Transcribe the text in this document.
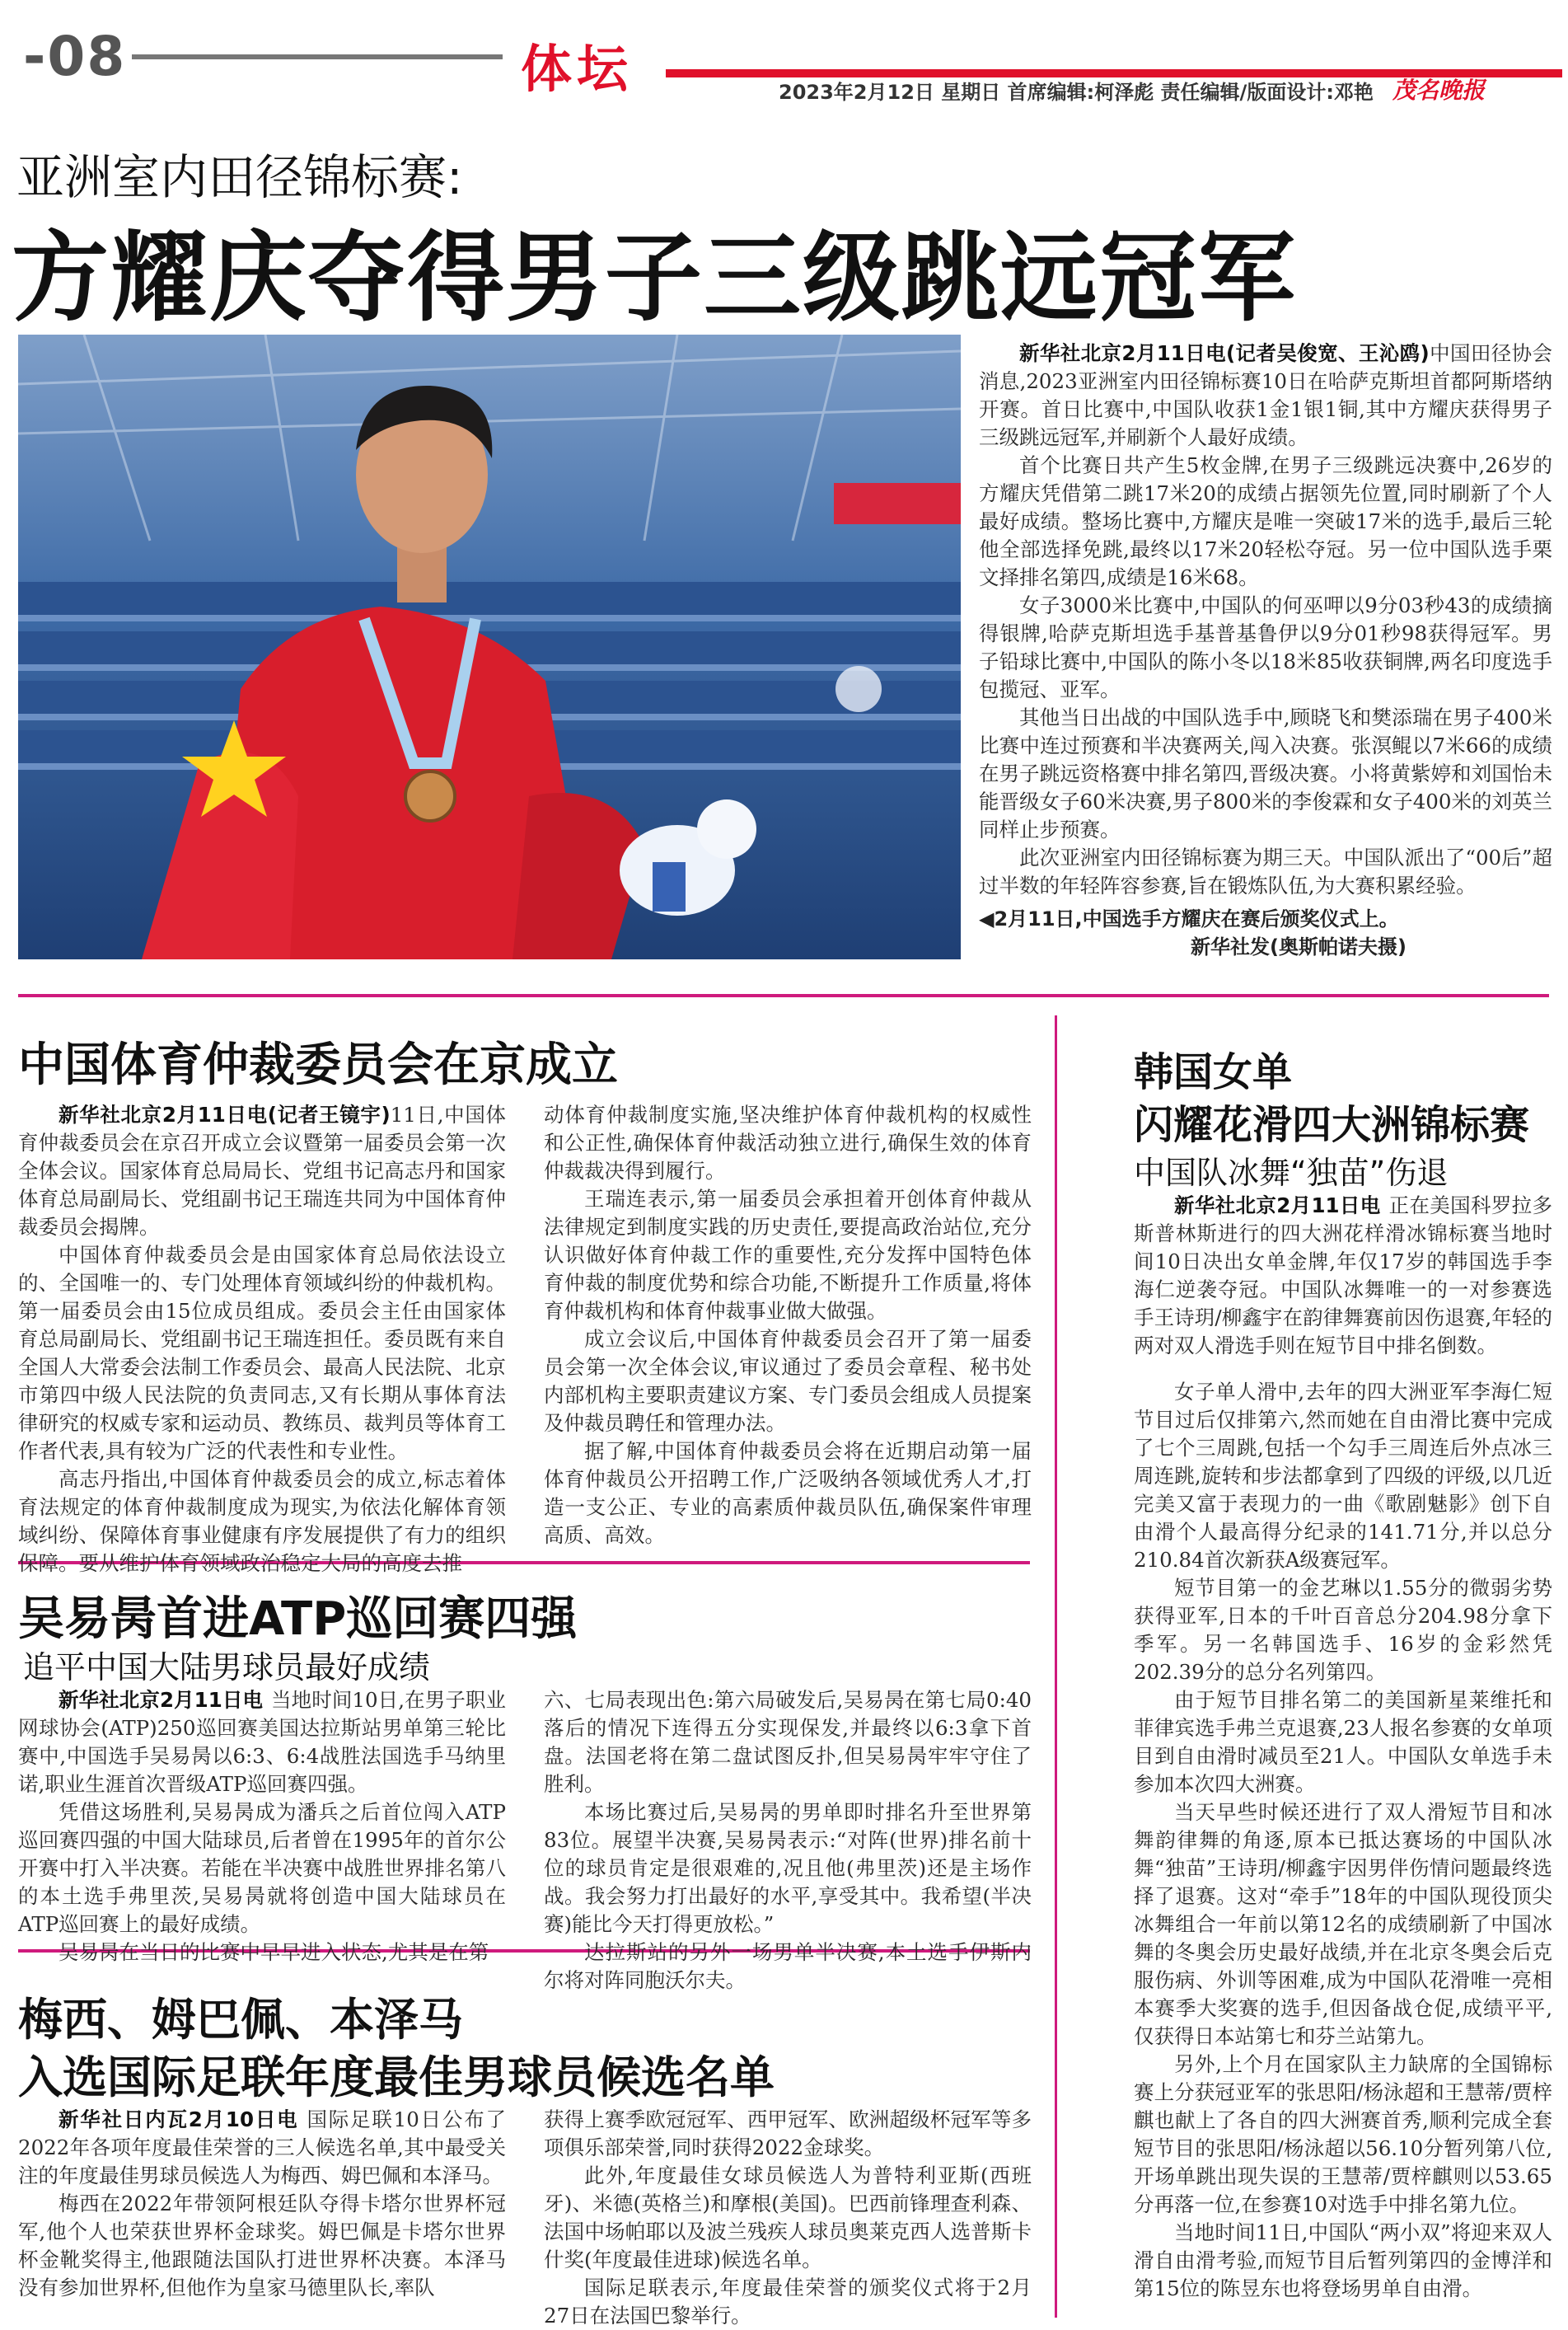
-08	体 坛	2023年2月12日 星期日 首席编辑:柯泽彪 责任编辑/版面设计:邓艳 茂名晚报
亚洲室内田径锦标赛:
方耀庆夺得男子三级跳远冠军

新华社北京2月11日电(记者吴俊宽、王沁鸥)中国田径协会消息,2023亚洲室内田径锦标赛10日在哈萨克斯坦首都阿斯塔纳开赛。首日比赛中,中国队收获1金1银1铜,其中方耀庆获得男子三级跳远冠军,并刷新个人最好成绩。

首个比赛日共产生5枚金牌,在男子三级跳远决赛中,26岁的方耀庆凭借第二跳17米20的成绩占据领先位置,同时刷新了个人最好成绩。整场比赛中,方耀庆是唯一突破17米的选手,最后三轮他全部选择免跳,最终以17米20轻松夺冠。另一位中国队选手栗文择排名第四,成绩是16米68。

女子3000米比赛中,中国队的何巫呷以9分03秒43的成绩摘得银牌,哈萨克斯坦选手基普基鲁伊以9分01秒98获得冠军。男子铅球比赛中,中国队的陈小冬以18米85收获铜牌,两名印度选手包揽冠、亚军。

其他当日出战的中国队选手中,顾晓飞和樊添瑞在男子400米比赛中连过预赛和半决赛两关,闯入决赛。张溟鲲以7米66的成绩在男子跳远资格赛中排名第四,晋级决赛。小将黄紫婷和刘国怡未能晋级女子60米决赛,男子800米的李俊霖和女子400米的刘英兰同样止步预赛。

此次亚洲室内田径锦标赛为期三天。中国队派出了“00后”超过半数的年轻阵容参赛,旨在锻炼队伍,为大赛积累经验。

◀2月11日,中国选手方耀庆在赛后颁奖仪式上。
新华社发(奥斯帕诺夫摄)
中国体育仲裁委员会在京成立

新华社北京2月11日电(记者王镜宇)11日,中国体育仲裁委员会在京召开成立会议暨第一届委员会第一次全体会议。国家体育总局局长、党组书记高志丹和国家体育总局副局长、党组副书记王瑞连共同为中国体育仲裁委员会揭牌。

中国体育仲裁委员会是由国家体育总局依法设立的、全国唯一的、专门处理体育领域纠纷的仲裁机构。第一届委员会由15位成员组成。委员会主任由国家体育总局副局长、党组副书记王瑞连担任。委员既有来自全国人大常委会法制工作委员会、最高人民法院、北京市第四中级人民法院的负责同志,又有长期从事体育法律研究的权威专家和运动员、教练员、裁判员等体育工作者代表,具有较为广泛的代表性和专业性。

高志丹指出,中国体育仲裁委员会的成立,标志着体育法规定的体育仲裁制度成为现实,为依法化解体育领域纠纷、保障体育事业健康有序发展提供了有力的组织保障。要从维护体育领域政治稳定大局的高度去推

动体育仲裁制度实施,坚决维护体育仲裁机构的权威性和公正性,确保体育仲裁活动独立进行,确保生效的体育仲裁裁决得到履行。

王瑞连表示,第一届委员会承担着开创体育仲裁从法律规定到制度实践的历史责任,要提高政治站位,充分认识做好体育仲裁工作的重要性,充分发挥中国特色体育仲裁的制度优势和综合功能,不断提升工作质量,将体育仲裁机构和体育仲裁事业做大做强。

成立会议后,中国体育仲裁委员会召开了第一届委员会第一次全体会议,审议通过了委员会章程、秘书处内部机构主要职责建议方案、专门委员会组成人员提案及仲裁员聘任和管理办法。

据了解,中国体育仲裁委员会将在近期启动第一届体育仲裁员公开招聘工作,广泛吸纳各领域优秀人才,打造一支公正、专业的高素质仲裁员队伍,确保案件审理高质、高效。

吴易昺首进ATP巡回赛四强
追平中国大陆男球员最好成绩

新华社北京2月11日电 当地时间10日,在男子职业网球协会(ATP)250巡回赛美国达拉斯站男单第三轮比赛中,中国选手吴易昺以6:3、6:4战胜法国选手马纳里诺,职业生涯首次晋级ATP巡回赛四强。

凭借这场胜利,吴易昺成为潘兵之后首位闯入ATP巡回赛四强的中国大陆球员,后者曾在1995年的首尔公开赛中打入半决赛。若能在半决赛中战胜世界排名第八的本土选手弗里茨,吴易昺就将创造中国大陆球员在ATP巡回赛上的最好成绩。

吴易昺在当日的比赛中早早进入状态,尤其是在第

六、七局表现出色:第六局破发后,吴易昺在第七局0:40落后的情况下连得五分实现保发,并最终以6:3拿下首盘。法国老将在第二盘试图反扑,但吴易昺牢牢守住了胜利。

本场比赛过后,吴易昺的男单即时排名升至世界第83位。展望半决赛,吴易昺表示:“对阵(世界)排名前十位的球员肯定是很艰难的,况且他(弗里茨)还是主场作战。我会努力打出最好的水平,享受其中。我希望(半决赛)能比今天打得更放松。”

达拉斯站的另外一场男单半决赛,本土选手伊斯内尔将对阵同胞沃尔夫。

梅西、姆巴佩、本泽马
入选国际足联年度最佳男球员候选名单

新华社日内瓦2月10日电 国际足联10日公布了2022年各项年度最佳荣誉的三人候选名单,其中最受关注的年度最佳男球员候选人为梅西、姆巴佩和本泽马。

梅西在2022年带领阿根廷队夺得卡塔尔世界杯冠军,他个人也荣获世界杯金球奖。姆巴佩是卡塔尔世界杯金靴奖得主,他跟随法国队打进世界杯决赛。本泽马没有参加世界杯,但他作为皇家马德里队长,率队

获得上赛季欧冠冠军、西甲冠军、欧洲超级杯冠军等多项俱乐部荣誉,同时获得2022金球奖。

此外,年度最佳女球员候选人为普特利亚斯(西班牙)、米德(英格兰)和摩根(美国)。巴西前锋理查利森、法国中场帕耶以及波兰残疾人球员奥莱克西人选普斯卡什奖(年度最佳进球)候选名单。

国际足联表示,年度最佳荣誉的颁奖仪式将于2月27日在法国巴黎举行。

韩国女单
闪耀花滑四大洲锦标赛
中国队冰舞“独苗”伤退

新华社北京2月11日电 正在美国科罗拉多斯普林斯进行的四大洲花样滑冰锦标赛当地时间10日决出女单金牌,年仅17岁的韩国选手李海仁逆袭夺冠。中国队冰舞唯一的一对参赛选手王诗玥/柳鑫宇在韵律舞赛前因伤退赛,年轻的两对双人滑选手则在短节目中排名倒数。

女子单人滑中,去年的四大洲亚军李海仁短节目过后仅排第六,然而她在自由滑比赛中完成了七个三周跳,包括一个勾手三周连后外点冰三周连跳,旋转和步法都拿到了四级的评级,以几近完美又富于表现力的一曲《歌剧魅影》创下自由滑个人最高得分纪录的141.71分,并以总分210.84首次新获A级赛冠军。

短节目第一的金艺琳以1.55分的微弱劣势获得亚军,日本的千叶百音总分204.98分拿下季军。另一名韩国选手、16岁的金彩然凭202.39分的总分名列第四。

由于短节目排名第二的美国新星莱维托和菲律宾选手弗兰克退赛,23人报名参赛的女单项目到自由滑时减员至21人。中国队女单选手未参加本次四大洲赛。

当天早些时候还进行了双人滑短节目和冰舞韵律舞的角逐,原本已抵达赛场的中国队冰舞“独苗”王诗玥/柳鑫宇因男伴伤情问题最终选择了退赛。这对“牵手”18年的中国队现役顶尖冰舞组合一年前以第12名的成绩刷新了中国冰舞的冬奥会历史最好战绩,并在北京冬奥会后克服伤病、外训等困难,成为中国队花滑唯一亮相本赛季大奖赛的选手,但因备战仓促,成绩平平,仅获得日本站第七和芬兰站第九。

另外,上个月在国家队主力缺席的全国锦标赛上分获冠亚军的张思阳/杨泳超和王慧蒂/贾梓麒也献上了各自的四大洲赛首秀,顺利完成全套短节目的张思阳/杨泳超以56.10分暂列第八位,开场单跳出现失误的王慧蒂/贾梓麒则以53.65分再落一位,在参赛10对选手中排名第九位。

当地时间11日,中国队“两小双”将迎来双人滑自由滑考验,而短节目后暂列第四的金博洋和第15位的陈昱东也将登场男单自由滑。
